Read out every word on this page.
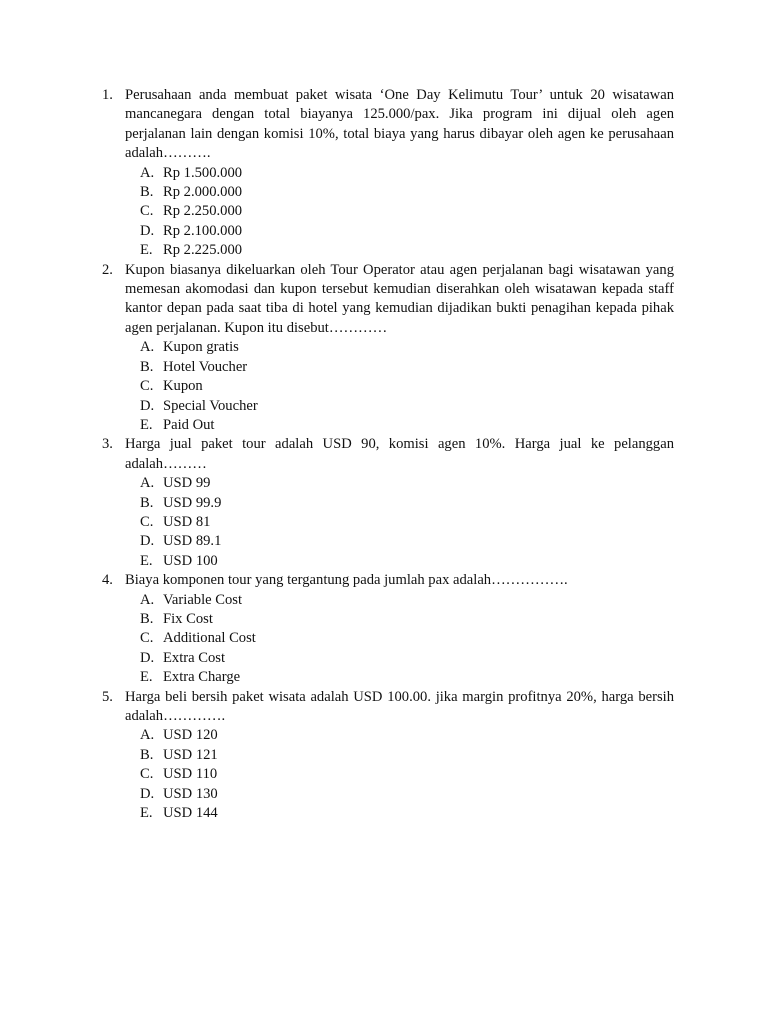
1. Perusahaan anda membuat paket wisata ‘One Day Kelimutu Tour’ untuk 20 wisatawan mancanegara dengan total biayanya 125.000/pax. Jika program ini dijual oleh agen perjalanan lain dengan komisi 10%, total biaya yang harus dibayar oleh agen ke perusahaan adalah……….

A. Rp 1.500.000
B. Rp 2.000.000
C. Rp 2.250.000
D. Rp 2.100.000
E. Rp 2.225.000
2. Kupon biasanya dikeluarkan oleh Tour Operator atau agen perjalanan bagi wisatawan yang memesan akomodasi dan kupon tersebut kemudian diserahkan oleh wisatawan kepada staff kantor depan pada saat tiba di hotel yang kemudian dijadikan bukti penagihan kepada pihak agen perjalanan. Kupon itu disebut…………

A. Kupon gratis
B. Hotel Voucher
C. Kupon
D. Special Voucher
E. Paid Out
3. Harga jual paket tour adalah USD 90, komisi agen 10%. Harga jual ke pelanggan adalah………

A. USD 99
B. USD 99.9
C. USD 81
D. USD 89.1
E. USD 100
4. Biaya komponen tour yang tergantung pada jumlah pax adalah…………….

A. Variable Cost
B. Fix Cost
C. Additional Cost
D. Extra Cost
E. Extra Charge
5. Harga beli bersih paket wisata adalah USD 100.00. jika margin profitnya 20%, harga bersih adalah………….

A. USD 120
B. USD 121
C. USD 110
D. USD 130
E. USD 144
